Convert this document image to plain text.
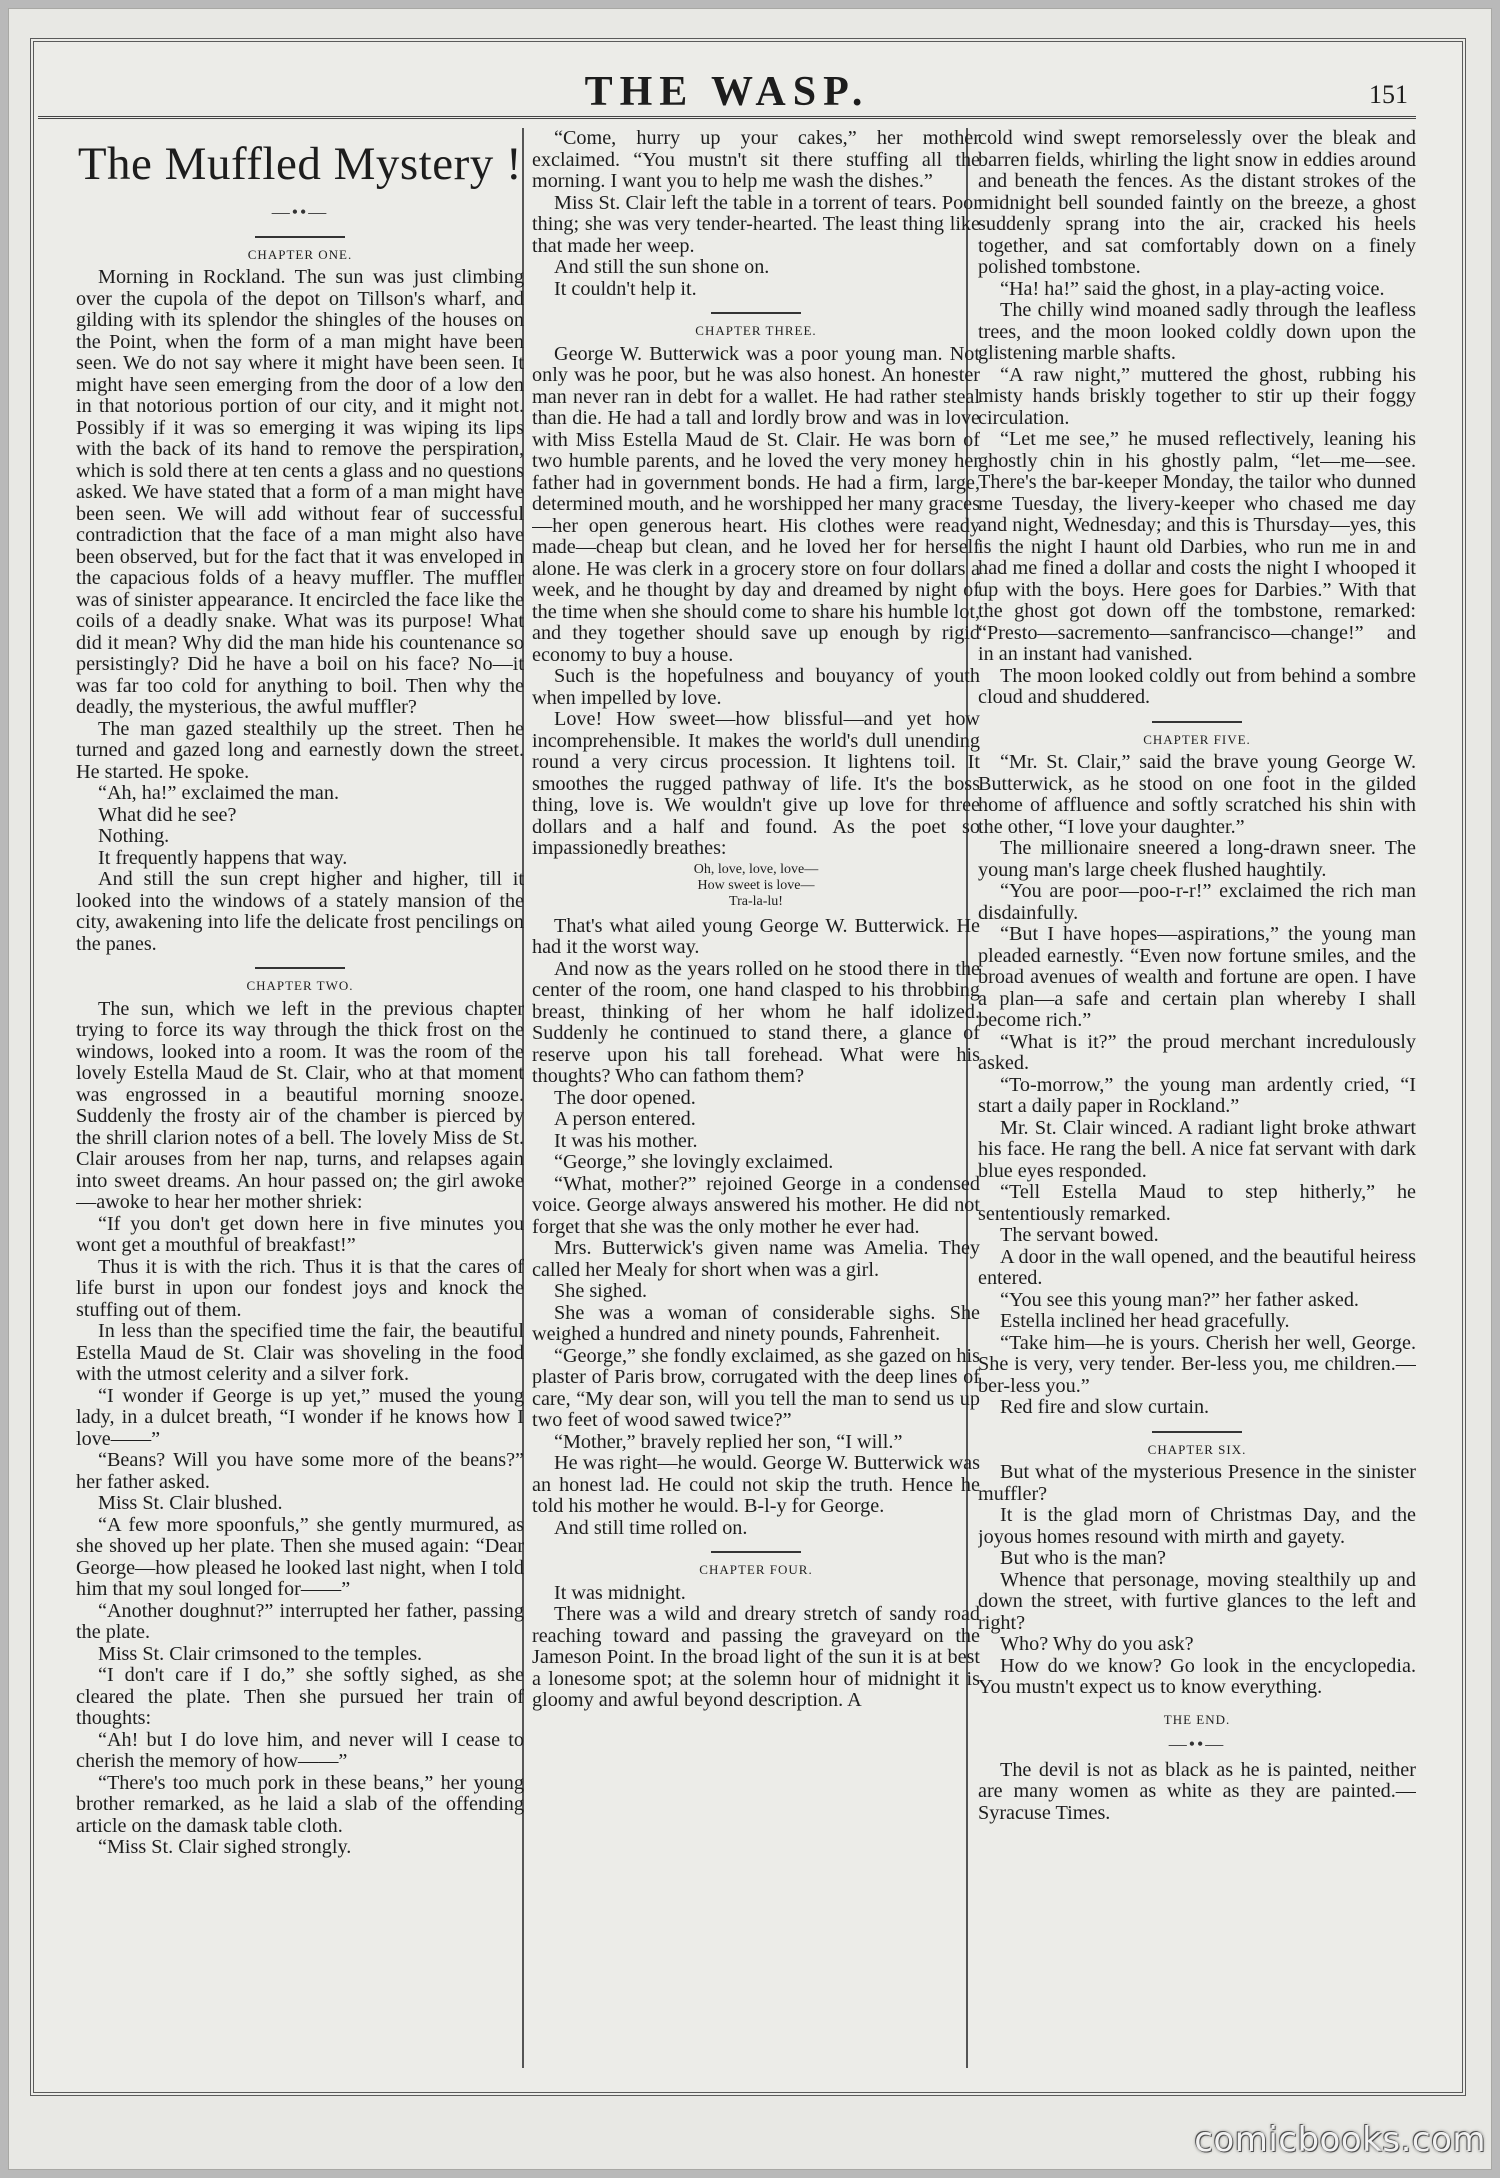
THE WASP.	151
The Muffled Mystery !
—••—
CHAPTER ONE.

Morning in Rockland. The sun was just climbing over the cupola of the depot on Tillson's wharf, and gilding with its splendor the shingles of the houses on the Point, when the form of a man might have been seen. We do not say where it might have been seen. It might have seen emerging from the door of a low den in that notorious portion of our city, and it might not. Possibly if it was so emerging it was wiping its lips with the back of its hand to remove the perspiration, which is sold there at ten cents a glass and no questions asked. We have stated that a form of a man might have been seen. We will add without fear of successful contradiction that the face of a man might also have been observed, but for the fact that it was enveloped in the capacious folds of a heavy muffler. The muffler was of sinister appearance. It encircled the face like the coils of a deadly snake. What was its purpose! What did it mean? Why did the man hide his countenance so persistingly? Did he have a boil on his face? No—it was far too cold for anything to boil. Then why the deadly, the mysterious, the awful muffler?

The man gazed stealthily up the street. Then he turned and gazed long and earnestly down the street. He started. He spoke.

“Ah, ha!” exclaimed the man.

What did he see?

Nothing.

It frequently happens that way.

And still the sun crept higher and higher, till it looked into the windows of a stately mansion of the city, awakening into life the delicate frost pencilings on the panes.

CHAPTER TWO.

The sun, which we left in the previous chapter trying to force its way through the thick frost on the windows, looked into a room. It was the room of the lovely Estella Maud de St. Clair, who at that moment was engrossed in a beautiful morning snooze. Suddenly the frosty air of the chamber is pierced by the shrill clarion notes of a bell. The lovely Miss de St. Clair arouses from her nap, turns, and relapses again into sweet dreams. An hour passed on; the girl awoke—awoke to hear her mother shriek:

“If you don't get down here in five minutes you wont get a mouthful of breakfast!”

Thus it is with the rich. Thus it is that the cares of life burst in upon our fondest joys and knock the stuffing out of them.

In less than the specified time the fair, the beautiful Estella Maud de St. Clair was shoveling in the food with the utmost celerity and a silver fork.

“I wonder if George is up yet,” mused the young lady, in a dulcet breath, “I wonder if he knows how I love——”

“Beans? Will you have some more of the beans?” her father asked.

Miss St. Clair blushed.

“A few more spoonfuls,” she gently murmured, as she shoved up her plate. Then she mused again: “Dear George—how pleased he looked last night, when I told him that my soul longed for——”

“Another doughnut?” interrupted her father, passing the plate.

Miss St. Clair crimsoned to the temples.

“I don't care if I do,” she softly sighed, as she cleared the plate. Then she pursued her train of thoughts:

“Ah! but I do love him, and never will I cease to cherish the memory of how——”

“There's too much pork in these beans,” her young brother remarked, as he laid a slab of the offending article on the damask table cloth.

“Miss St. Clair sighed strongly.

“Come, hurry up your cakes,” her mother exclaimed. “You mustn't sit there stuffing all the morning. I want you to help me wash the dishes.”

Miss St. Clair left the table in a torrent of tears. Poor thing; she was very tender-hearted. The least thing like that made her weep.

And still the sun shone on.

It couldn't help it.

CHAPTER THREE.

George W. Butterwick was a poor young man. Not only was he poor, but he was also honest. An honester man never ran in debt for a wallet. He had rather steal than die. He had a tall and lordly brow and was in love with Miss Estella Maud de St. Clair. He was born of two humble parents, and he loved the very money her father had in government bonds. He had a firm, large, determined mouth, and he worshipped her many graces—her open generous heart. His clothes were ready made—cheap but clean, and he loved her for herself alone. He was clerk in a grocery store on four dollars a week, and he thought by day and dreamed by night of the time when she should come to share his humble lot, and they together should save up enough by rigid economy to buy a house.

Such is the hopefulness and bouyancy of youth when impelled by love.

Love! How sweet—how blissful—and yet how incomprehensible. It makes the world's dull unending round a very circus procession. It lightens toil. It smoothes the rugged pathway of life. It's the boss thing, love is. We wouldn't give up love for three dollars and a half and found. As the poet so impassionedly breathes:

Oh, love, love, love—
How sweet is love—
Tra-la-lu!

That's what ailed young George W. Butterwick. He had it the worst way.

And now as the years rolled on he stood there in the center of the room, one hand clasped to his throbbing breast, thinking of her whom he half idolized. Suddenly he continued to stand there, a glance of reserve upon his tall forehead. What were his thoughts? Who can fathom them?

The door opened.

A person entered.

It was his mother.

“George,” she lovingly exclaimed.

“What, mother?” rejoined George in a condensed voice. George always answered his mother. He did not forget that she was the only mother he ever had.

Mrs. Butterwick's given name was Amelia. They called her Mealy for short when was a girl.

She sighed.

She was a woman of considerable sighs. She weighed a hundred and ninety pounds, Fahrenheit.

“George,” she fondly exclaimed, as she gazed on his plaster of Paris brow, corrugated with the deep lines of care, “My dear son, will you tell the man to send us up two feet of wood sawed twice?”

“Mother,” bravely replied her son, “I will.”

He was right—he would. George W. Butterwick was an honest lad. He could not skip the truth. Hence he told his mother he would. B-l-y for George.

And still time rolled on.

CHAPTER FOUR.

It was midnight.

There was a wild and dreary stretch of sandy road reaching toward and passing the graveyard on the Jameson Point. In the broad light of the sun it is at best a lonesome spot; at the solemn hour of midnight it is gloomy and awful beyond description. A

cold wind swept remorselessly over the bleak and barren fields, whirling the light snow in eddies around and beneath the fences. As the distant strokes of the midnight bell sounded faintly on the breeze, a ghost suddenly sprang into the air, cracked his heels together, and sat comfortably down on a finely polished tombstone.

“Ha! ha!” said the ghost, in a play-acting voice.

The chilly wind moaned sadly through the leafless trees, and the moon looked coldly down upon the glistening marble shafts.

“A raw night,” muttered the ghost, rubbing his misty hands briskly together to stir up their foggy circulation.

“Let me see,” he mused reflectively, leaning his ghostly chin in his ghostly palm, “let—me—see. There's the bar-keeper Monday, the tailor who dunned me Tuesday, the livery-keeper who chased me day and night, Wednesday; and this is Thursday—yes, this is the night I haunt old Darbies, who run me in and had me fined a dollar and costs the night I whooped it up with the boys. Here goes for Darbies.” With that the ghost got down off the tombstone, remarked: “Presto—sacremento—sanfrancisco—change!” and in an instant had vanished.

The moon looked coldly out from behind a sombre cloud and shuddered.

CHAPTER FIVE.

“Mr. St. Clair,” said the brave young George W. Butterwick, as he stood on one foot in the gilded home of affluence and softly scratched his shin with the other, “I love your daughter.”

The millionaire sneered a long-drawn sneer. The young man's large cheek flushed haughtily.

“You are poor—poo-r-r!” exclaimed the rich man disdainfully.

“But I have hopes—aspirations,” the young man pleaded earnestly. “Even now fortune smiles, and the broad avenues of wealth and fortune are open. I have a plan—a safe and certain plan whereby I shall become rich.”

“What is it?” the proud merchant incredulously asked.

“To-morrow,” the young man ardently cried, “I start a daily paper in Rockland.”

Mr. St. Clair winced. A radiant light broke athwart his face. He rang the bell. A nice fat servant with dark blue eyes responded.

“Tell Estella Maud to step hitherly,” he sententiously remarked.

The servant bowed.

A door in the wall opened, and the beautiful heiress entered.

“You see this young man?” her father asked.

Estella inclined her head gracefully.

“Take him—he is yours. Cherish her well, George. She is very, very tender. Ber-less you, me children.—ber-less you.”

Red fire and slow curtain.

CHAPTER SIX.

But what of the mysterious Presence in the sinister muffler?

It is the glad morn of Christmas Day, and the joyous homes resound with mirth and gayety.

But who is the man?

Whence that personage, moving stealthily up and down the street, with furtive glances to the left and right?

Who? Why do you ask?

How do we know? Go look in the encyclopedia. You mustn't expect us to know everything.

THE END.
—••—

The devil is not as black as he is painted, neither are many women as white as they are painted.—Syracuse Times.

comicbooks.com
